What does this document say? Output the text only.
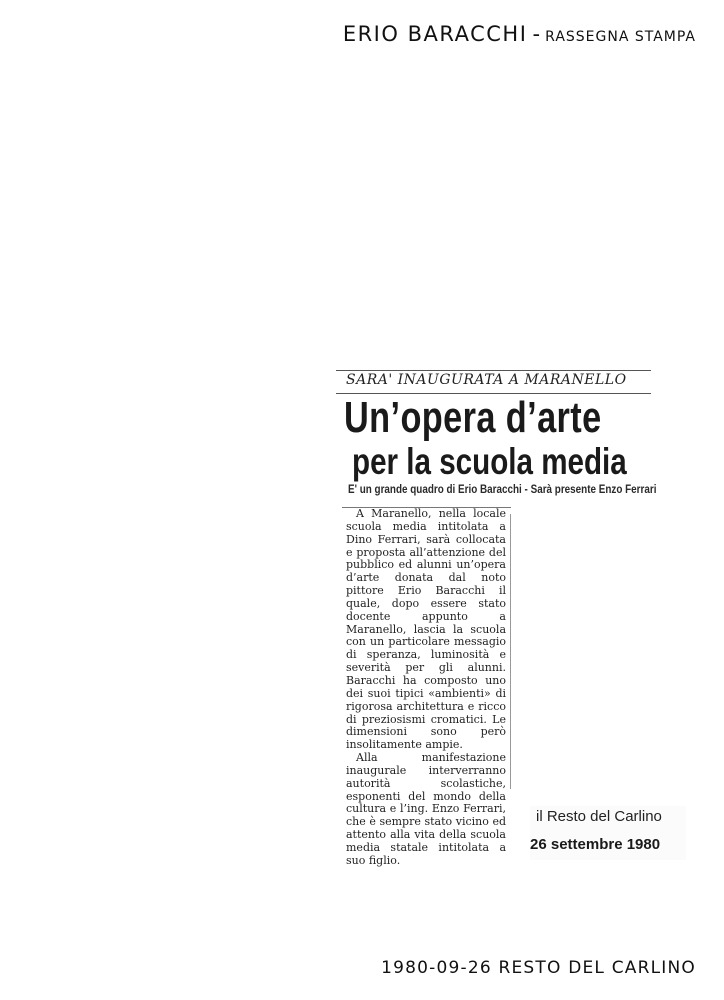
ERIO BARACCHI - RASSEGNA STAMPA
SARA' INAUGURATA A MARANELLO
Un’opera d’arte
per la scuola media
E' un grande quadro di Erio Baracchi - Sarà presente Enzo Ferrari

A Maranello, nella locale scuola media intitolata a Dino Ferrari, sarà collocata e proposta all’attenzione del pubblico ed alunni un’opera d’arte donata dal noto pittore Erio Baracchi il quale, dopo essere stato docente appunto a Maranello, lascia la scuola con un particolare messagio di speranza, luminosità e severità per gli alunni. Baracchi ha composto uno dei suoi tipici «ambienti» di rigorosa architettura e ricco di preziosismi cromatici. Le dimensioni sono però insolitamente ampie.

Alla manifestazione inaugurale interverranno autorità scolastiche, esponenti del mondo della cultura e l’ing. Enzo Ferrari, che è sempre stato vicino ed attento alla vita della scuola media statale intitolata a suo figlio.

il Resto del Carlino
26 settembre 1980
1980-09-26 RESTO DEL CARLINO
